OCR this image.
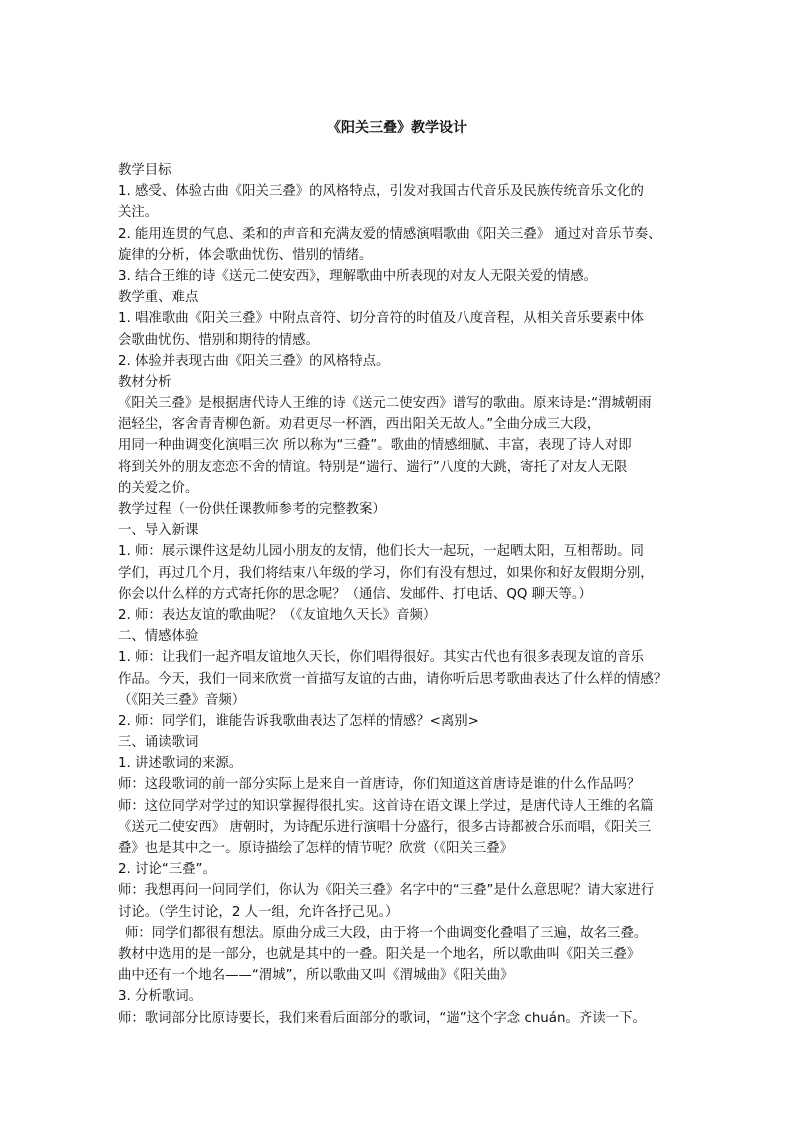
《阳关三叠》教学设计
教学目标
1. 感受、体验古曲《阳关三叠》的风格特点，引发对我国古代音乐及民族传统音乐文化的
关注。
2. 能用连贯的气息、柔和的声音和充满友爱的情感演唱歌曲《阳关三叠》 通过对音乐节奏、
旋律的分析，体会歌曲忧伤、惜别的情绪。
3. 结合王维的诗《送元二使安西》，理解歌曲中所表现的对友人无限关爱的情感。
教学重、难点
1. 唱准歌曲《阳关三叠》中附点音符、切分音符的时值及八度音程，从相关音乐要素中体
会歌曲忧伤、惜别和期待的情感。
2. 体验并表现古曲《阳关三叠》的风格特点。
教材分析
《阳关三叠》是根据唐代诗人王维的诗《送元二使安西》谱写的歌曲。原来诗是:“渭城朝雨
浥轻尘，客舍青青柳色新。劝君更尽一杯酒，西出阳关无故人。”全曲分成三大段，
用同一种曲调变化演唱三次 所以称为“三叠”。歌曲的情感细腻、丰富，表现了诗人对即
将到关外的朋友恋恋不舍的情谊。特别是“遄行、遄行”八度的大跳，寄托了对友人无限
的关爱之价。
教学过程（一份供任课教师参考的完整教案）
一、导入新课
1. 师：展示课件这是幼儿园小朋友的友情，他们长大一起玩，一起晒太阳，互相帮助。同
学们，再过几个月，我们将结束八年级的学习，你们有没有想过，如果你和好友假期分别，
你会以什么样的方式寄托你的思念呢？（通信、发邮件、打电话、QQ 聊天等。）
2. 师：表达友谊的歌曲呢？（《友谊地久天长》音频）
二、情感体验
1. 师：让我们一起齐唱友谊地久天长，你们唱得很好。其实古代也有很多表现友谊的音乐
作品。今天，我们一同来欣赏一首描写友谊的古曲，请你听后思考歌曲表达了什么样的情感？
（《阳关三叠》音频）
2. 师：同学们，谁能告诉我歌曲表达了怎样的情感？<离别>
三、诵读歌词
1. 讲述歌词的来源。
师：这段歌词的前一部分实际上是来自一首唐诗，你们知道这首唐诗是谁的什么作品吗？
师：这位同学对学过的知识掌握得很扎实。这首诗在语文课上学过，是唐代诗人王维的名篇
《送元二使安西》 唐朝时，为诗配乐进行演唱十分盛行，很多古诗都被合乐而唱，《阳关三
叠》也是其中之一。原诗描绘了怎样的情节呢？欣赏（《阳关三叠》
2. 讨论“三叠”。
师：我想再问一问同学们，你认为《阳关三叠》名字中的“三叠”是什么意思呢？请大家进行
讨论。（学生讨论，2 人一组，允许各抒己见。）
师：同学们都很有想法。原曲分成三大段，由于将一个曲调变化叠唱了三遍，故名三叠。
教材中选用的是一部分，也就是其中的一叠。阳关是一个地名，所以歌曲叫《阳关三叠》
曲中还有一个地名——“渭城”，所以歌曲又叫《渭城曲》《阳关曲》
3. 分析歌词。
师：歌词部分比原诗要长，我们来看后面部分的歌词，“遄”这个字念 chuán。齐读一下。
